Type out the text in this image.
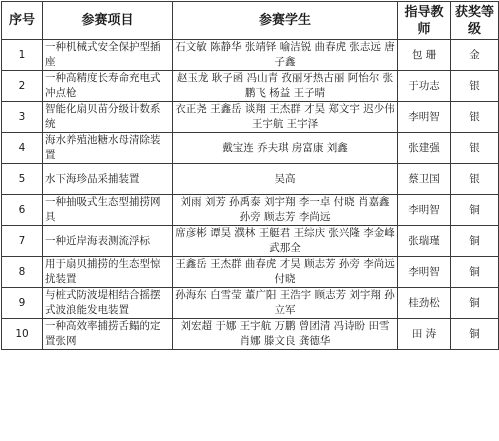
序号	参赛项目	参赛学生	指导教师	获奖等级
1	一种机械式安全保护型插座	石文敏 陈静华 张靖铎 喻洁锐 曲春虎 张志远 唐子鑫	包 珊	金
2	一种高精度长寿命充电式冲点枪	赵玉龙 耿子函 冯山青 孜丽牙热古丽 阿怡尔 张鹏飞 杨益 王子晴	于功志	银
3	智能化扇贝苗分级计数系统	衣正尧 王鑫岳 谈翔 王杰群 才昊 郑文宇 迟少伟 王宇航 王宇泽	李明智	银
4	海水养殖池糖水母清除装置	戴宝连 乔夫琪 房富康 刘鑫	张建强	银
5	水下海珍品采捕装置	吴高	蔡卫国	银
6	一种抽吸式生态型捕捞网具	刘雨 刘芳 孙禹泰 刘宇翔 李一卓 付晓 肖嘉鑫 孙旁 顾志芳 李尚远	李明智	铜
7	一种近岸海表测流浮标	席彦彬 谭昊 濮林 王艇君 王综庆 张兴隆 李金峰 武那全	张瑞瑾	铜
8	用于扇贝捕捞的生态型惊扰装置	王鑫岳 王杰群 曲春虎 才昊 顾志芳 孙旁 李尚远 付晓	李明智	铜
9	与桩式防波堤相结合摇摆式波浪能发电装置	孙海东 白雪莹 董广阳 王浩宇 顾志芳 刘宇翔 孙立军	桂劲松	铜
10	一种高效率捕捞舌鳎的定置张网	刘宏超 于娜 王宇航 万鹏 曾团清 冯诗盼 田雪 肖娜 滕文良 龚德华	田 涛	铜
